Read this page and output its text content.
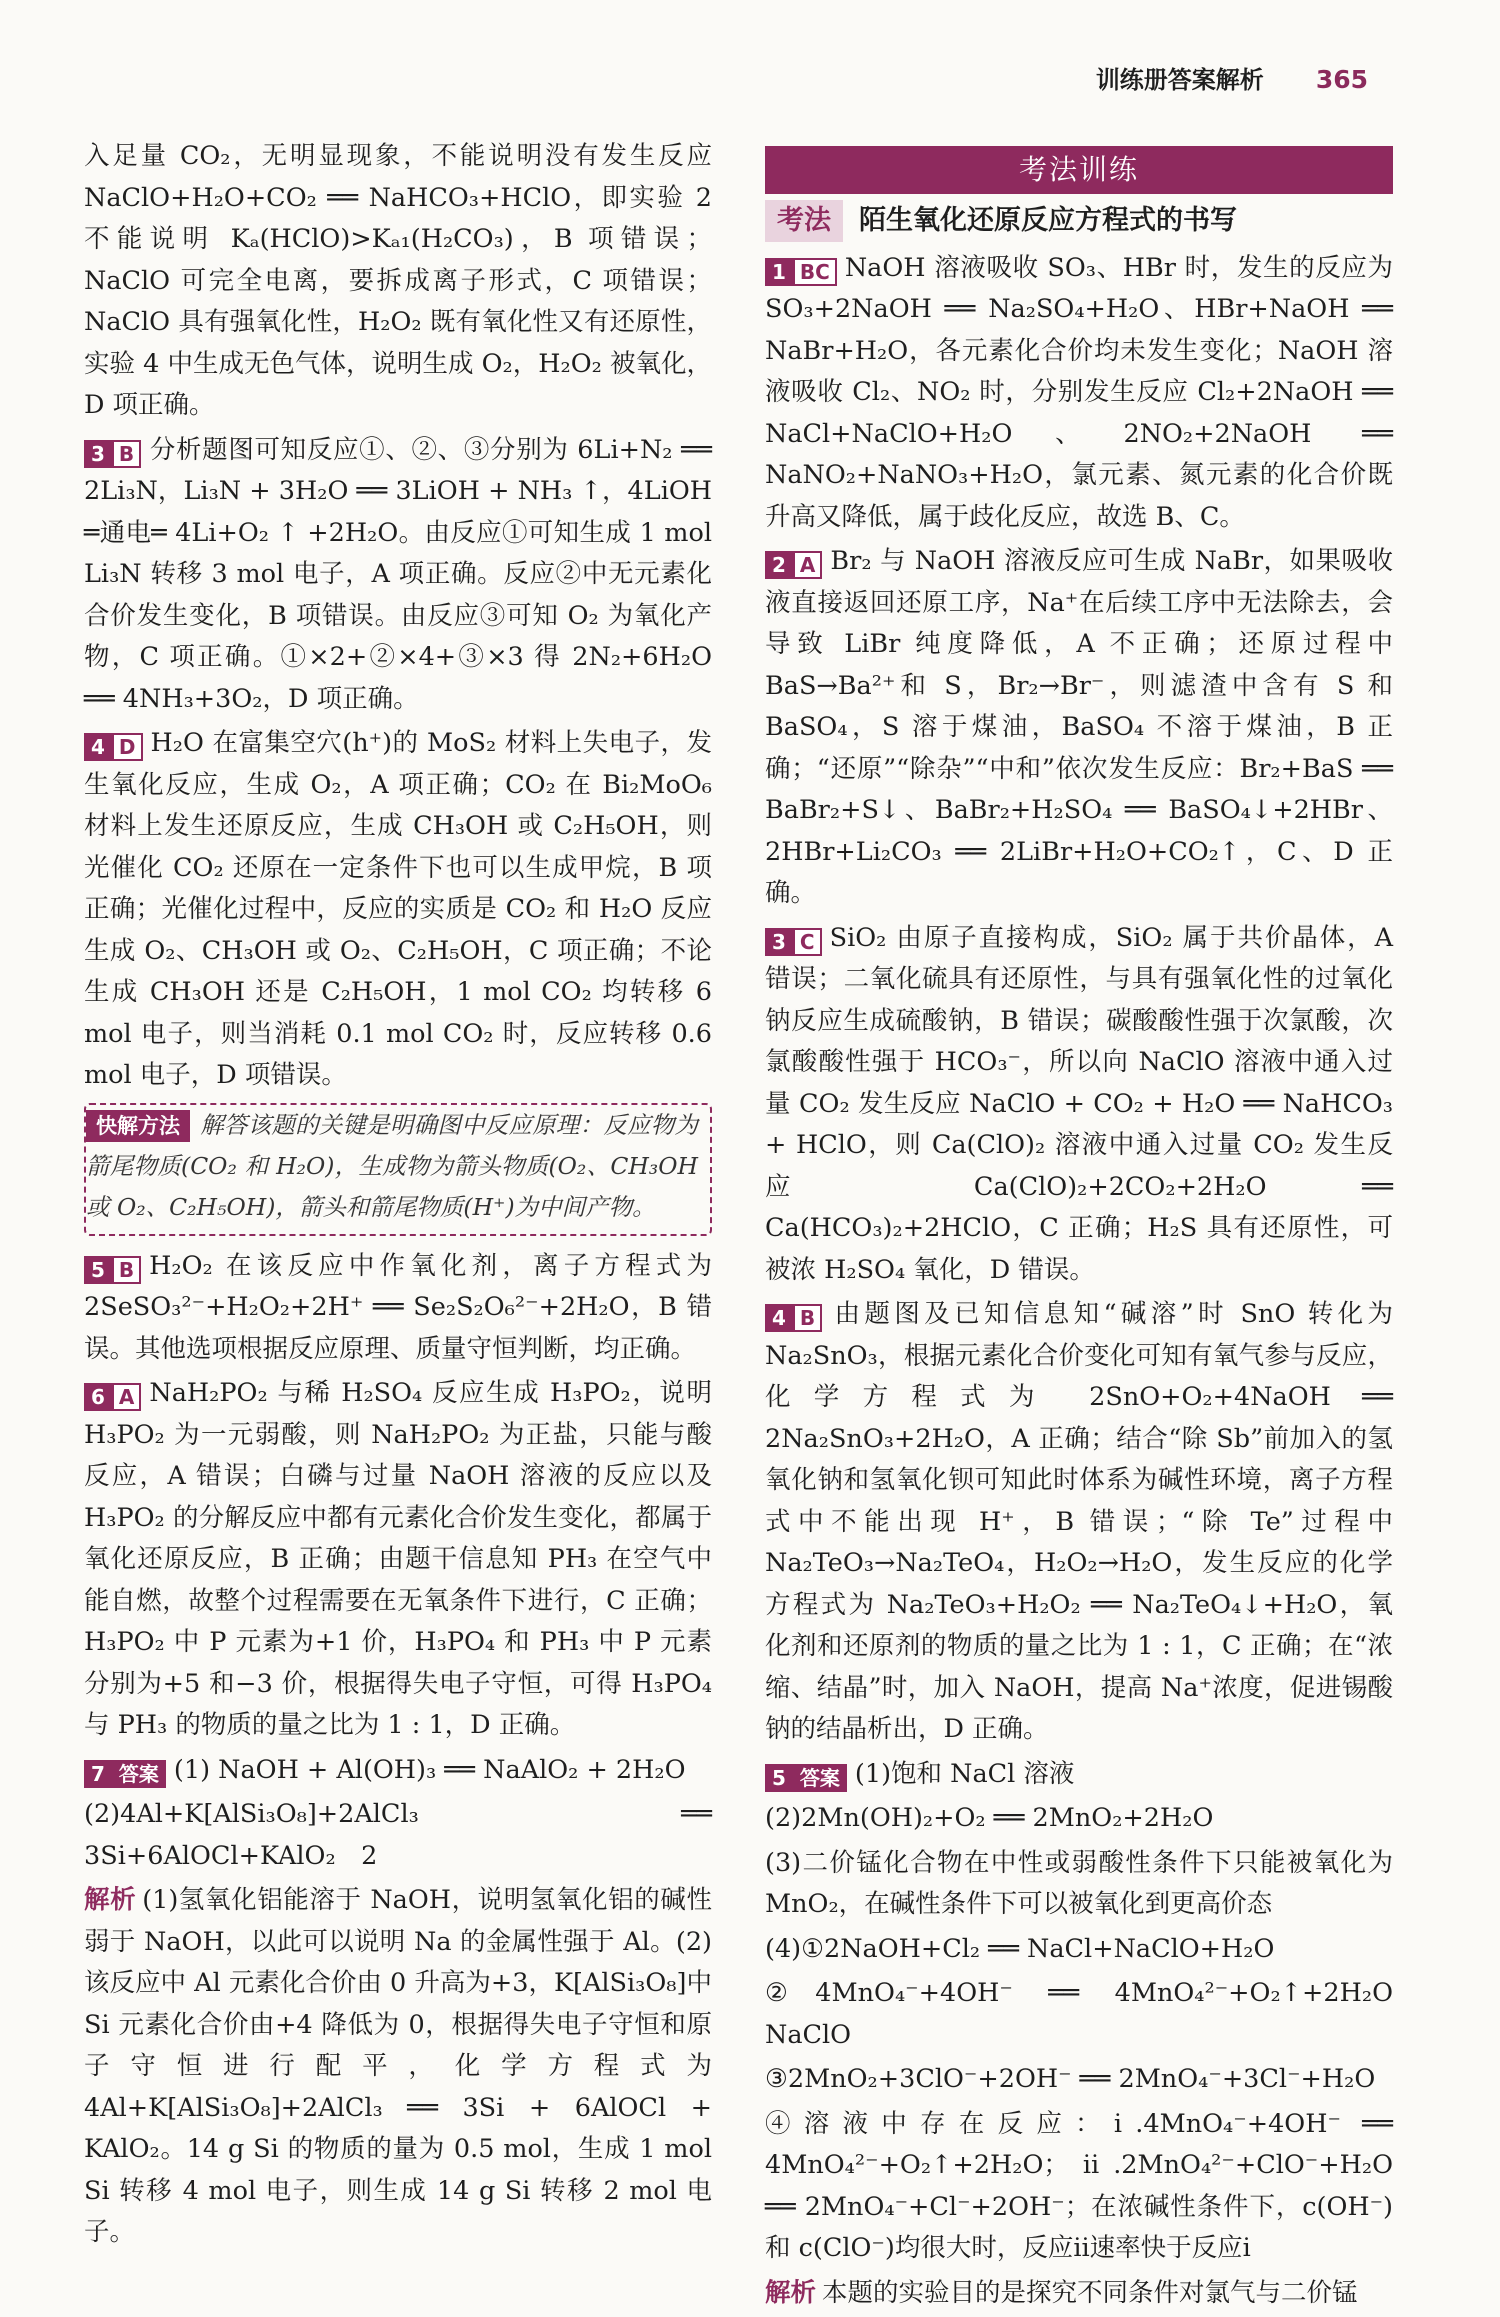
训练册答案解析 365

入足量 CO₂，无明显现象，不能说明没有发生反应NaClO+H₂O+CO₂ ══ NaHCO₃+HClO，即实验 2 不能说明 Kₐ(HClO)>Kₐ₁(H₂CO₃)，B 项错误；NaClO 可完全电离，要拆成离子形式，C 项错误；NaClO 具有强氧化性，H₂O₂ 既有氧化性又有还原性，实验 4 中生成无色气体，说明生成 O₂，H₂O₂ 被氧化，D 项正确。

3 B 分析题图可知反应①、②、③分别为 6Li+N₂ ══ 2Li₃N，Li₃N + 3H₂O ══ 3LiOH + NH₃ ↑，4LiOH ═通电═ 4Li+O₂ ↑ +2H₂O。由反应①可知生成 1 mol Li₃N 转移 3 mol 电子，A 项正确。反应②中无元素化合价发生变化，B 项错误。由反应③可知 O₂ 为氧化产物，C 项正确。①×2+②×4+③×3 得 2N₂+6H₂O ══ 4NH₃+3O₂，D 项正确。

4 D H₂O 在富集空穴(h⁺)的 MoS₂ 材料上失电子，发生氧化反应，生成 O₂，A 项正确；CO₂ 在 Bi₂MoO₆ 材料上发生还原反应，生成 CH₃OH 或 C₂H₅OH，则光催化 CO₂ 还原在一定条件下也可以生成甲烷，B 项正确；光催化过程中，反应的实质是 CO₂ 和 H₂O 反应生成 O₂、CH₃OH 或 O₂、C₂H₅OH，C 项正确；不论生成 CH₃OH 还是 C₂H₅OH，1 mol CO₂ 均转移 6 mol 电子，则当消耗 0.1 mol CO₂ 时，反应转移 0.6 mol 电子，D 项错误。

快解方法 解答该题的关键是明确图中反应原理：反应物为箭尾物质(CO₂ 和 H₂O)，生成物为箭头物质(O₂、CH₃OH 或 O₂、C₂H₅OH)，箭头和箭尾物质(H⁺)为中间产物。

5 B H₂O₂ 在该反应中作氧化剂，离子方程式为 2SeSO₃²⁻+H₂O₂+2H⁺ ══ Se₂S₂O₆²⁻+2H₂O，B 错误。其他选项根据反应原理、质量守恒判断，均正确。

6 A NaH₂PO₂ 与稀 H₂SO₄ 反应生成 H₃PO₂，说明 H₃PO₂ 为一元弱酸，则 NaH₂PO₂ 为正盐，只能与酸反应，A 错误；白磷与过量 NaOH 溶液的反应以及 H₃PO₂ 的分解反应中都有元素化合价发生变化，都属于氧化还原反应，B 正确；由题干信息知 PH₃ 在空气中能自燃，故整个过程需要在无氧条件下进行，C 正确；H₃PO₂ 中 P 元素为+1 价，H₃PO₄ 和 PH₃ 中 P 元素分别为+5 和−3 价，根据得失电子守恒，可得 H₃PO₄ 与 PH₃ 的物质的量之比为 1 : 1，D 正确。

7 答案 (1) NaOH + Al(OH)₃ ══ NaAlO₂ + 2H₂O

(2)4Al+K[AlSi₃O₈]+2AlCl₃ ══ 3Si+6AlOCl+KAlO₂　2

解析 (1)氢氧化铝能溶于 NaOH，说明氢氧化铝的碱性弱于 NaOH，以此可以说明 Na 的金属性强于 Al。(2)该反应中 Al 元素化合价由 0 升高为+3，K[AlSi₃O₈]中 Si 元素化合价由+4 降低为 0，根据得失电子守恒和原子守恒进行配平，化学方程式为 4Al+K[AlSi₃O₈]+2AlCl₃ ══ 3Si + 6AlOCl + KAlO₂。14 g Si 的物质的量为 0.5 mol，生成 1 mol Si 转移 4 mol 电子，则生成 14 g Si 转移 2 mol 电子。

考法训练
考法 陌生氧化还原反应方程式的书写

1 BC NaOH 溶液吸收 SO₃、HBr 时，发生的反应为 SO₃+2NaOH ══ Na₂SO₄+H₂O、HBr+NaOH ══ NaBr+H₂O，各元素化合价均未发生变化；NaOH 溶液吸收 Cl₂、NO₂ 时，分别发生反应 Cl₂+2NaOH ══ NaCl+NaClO+H₂O、2NO₂+2NaOH ══ NaNO₂+NaNO₃+H₂O，氯元素、氮元素的化合价既升高又降低，属于歧化反应，故选 B、C。

2 A Br₂ 与 NaOH 溶液反应可生成 NaBr，如果吸收液直接返回还原工序，Na⁺在后续工序中无法除去，会导致 LiBr 纯度降低，A 不正确；还原过程中 BaS→Ba²⁺和 S，Br₂→Br⁻，则滤渣中含有 S 和 BaSO₄，S 溶于煤油，BaSO₄ 不溶于煤油，B 正确；“还原”“除杂”“中和”依次发生反应：Br₂+BaS ══ BaBr₂+S↓、BaBr₂+H₂SO₄ ══ BaSO₄↓+2HBr、2HBr+Li₂CO₃ ══ 2LiBr+H₂O+CO₂↑，C、D 正确。

3 C SiO₂ 由原子直接构成，SiO₂ 属于共价晶体，A 错误；二氧化硫具有还原性，与具有强氧化性的过氧化钠反应生成硫酸钠，B 错误；碳酸酸性强于次氯酸，次氯酸酸性强于 HCO₃⁻，所以向 NaClO 溶液中通入过量 CO₂ 发生反应 NaClO + CO₂ + H₂O ══ NaHCO₃ + HClO，则 Ca(ClO)₂ 溶液中通入过量 CO₂ 发生反应 Ca(ClO)₂+2CO₂+2H₂O ══ Ca(HCO₃)₂+2HClO，C 正确；H₂S 具有还原性，可被浓 H₂SO₄ 氧化，D 错误。

4 B 由题图及已知信息知“碱溶”时 SnO 转化为 Na₂SnO₃，根据元素化合价变化可知有氧气参与反应，化学方程式为 2SnO+O₂+4NaOH ══ 2Na₂SnO₃+2H₂O，A 正确；结合“除 Sb”前加入的氢氧化钠和氢氧化钡可知此时体系为碱性环境，离子方程式中不能出现 H⁺，B 错误；“除 Te”过程中 Na₂TeO₃→Na₂TeO₄，H₂O₂→H₂O，发生反应的化学方程式为 Na₂TeO₃+H₂O₂ ══ Na₂TeO₄↓+H₂O，氧化剂和还原剂的物质的量之比为 1 : 1，C 正确；在“浓缩、结晶”时，加入 NaOH，提高 Na⁺浓度，促进锡酸钠的结晶析出，D 正确。

5 答案 (1)饱和 NaCl 溶液

(2)2Mn(OH)₂+O₂ ══ 2MnO₂+2H₂O

(3)二价锰化合物在中性或弱酸性条件下只能被氧化为 MnO₂，在碱性条件下可以被氧化到更高价态

(4)①2NaOH+Cl₂ ══ NaCl+NaClO+H₂O

②4MnO₄⁻+4OH⁻ ══ 4MnO₄²⁻+O₂↑+2H₂O　NaClO

③2MnO₂+3ClO⁻+2OH⁻ ══ 2MnO₄⁻+3Cl⁻+H₂O

④溶液中存在反应：ⅰ.4MnO₄⁻+4OH⁻ ══ 4MnO₄²⁻+O₂↑+2H₂O；ⅱ.2MnO₄²⁻+ClO⁻+H₂O ══ 2MnO₄⁻+Cl⁻+2OH⁻；在浓碱性条件下，c(OH⁻)和 c(ClO⁻)均很大时，反应ⅱ速率快于反应ⅰ

解析 本题的实验目的是探究不同条件对氯气与二价锰
